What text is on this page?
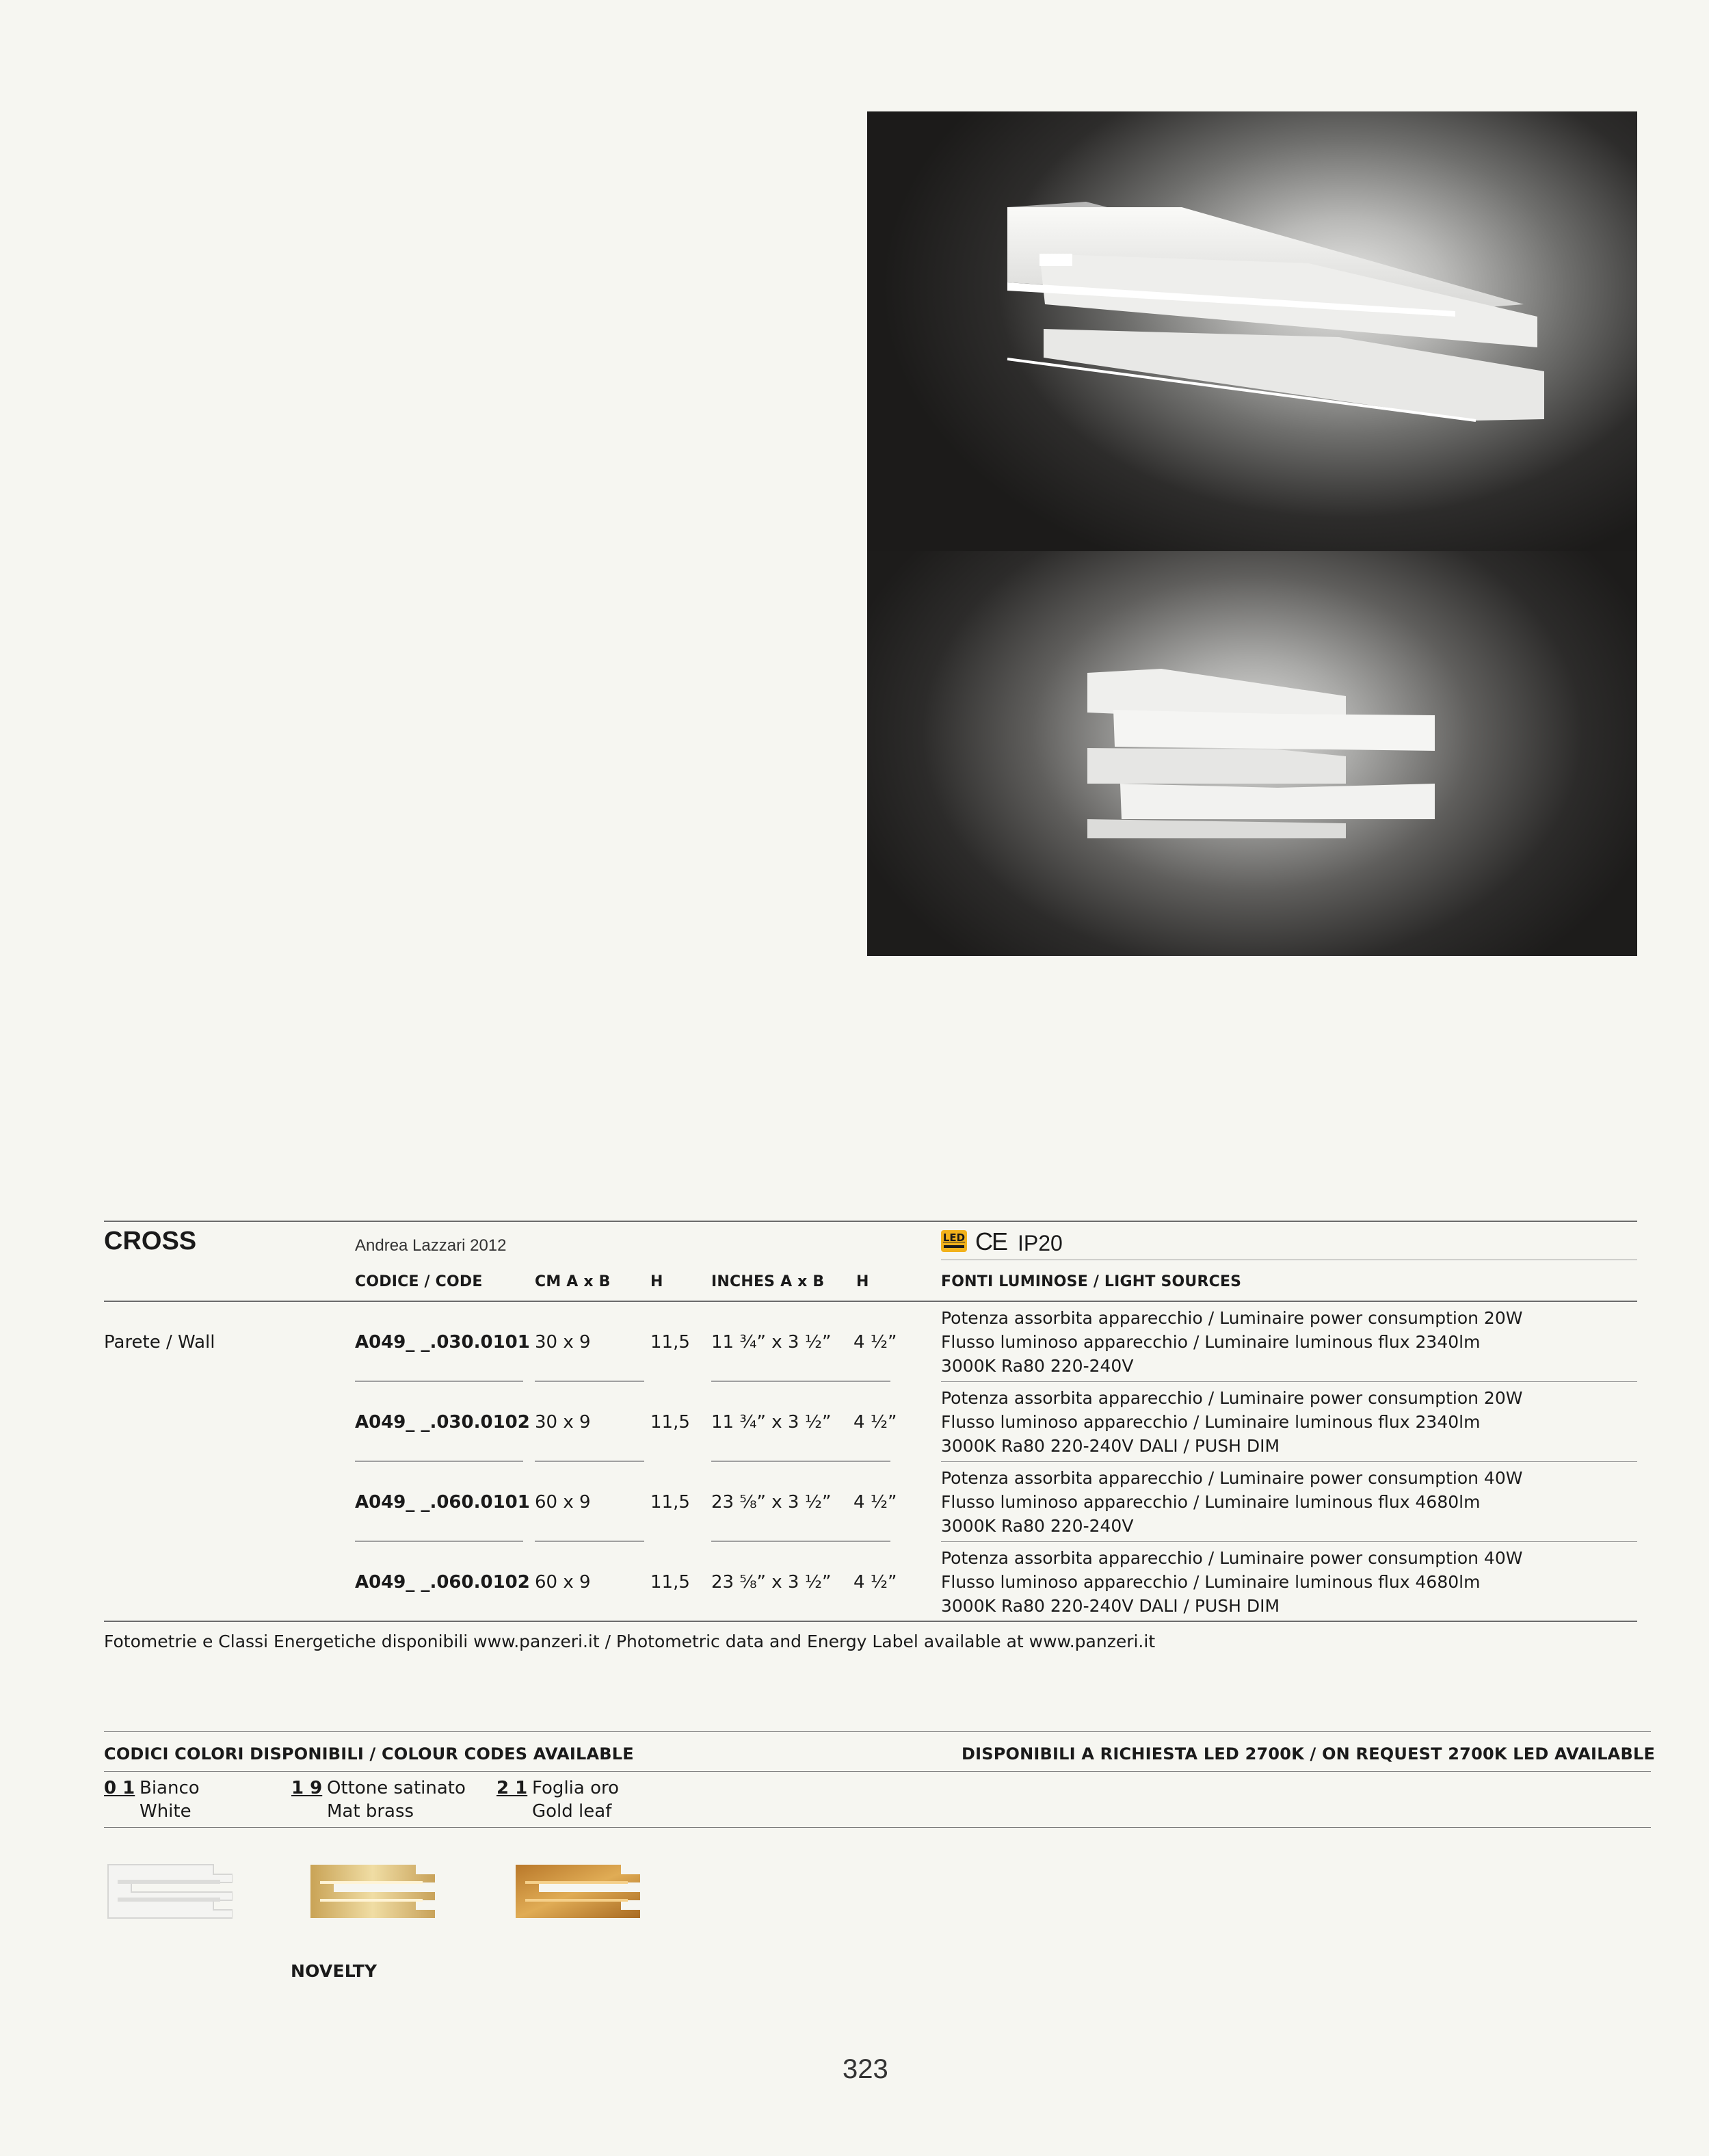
CROSS	Andrea Lazzari 2012	LED CE IP20
CODICE / CODE	CM A x B	H	INCHES A x B H	FONTI LUMINOSE / LIGHT SOURCES
Parete / Wall	A049_ _.030.0101 30 x 9	11,5 11 ¾” x 3 ½” 4 ½”
Potenza assorbita apparecchio / Luminaire power consumption 20W
Flusso luminoso apparecchio / Luminaire luminous flux 2340lm
3000K Ra80 220-240V
A049_ _.030.0102 30 x 9	11,5 11 ¾” x 3 ½” 4 ½”
Potenza assorbita apparecchio / Luminaire power consumption 20W
Flusso luminoso apparecchio / Luminaire luminous flux 2340lm
3000K Ra80 220-240V DALI / PUSH DIM
A049_ _.060.0101 60 x 9	11,5 23 ⅝” x 3 ½” 4 ½”
Potenza assorbita apparecchio / Luminaire power consumption 40W
Flusso luminoso apparecchio / Luminaire luminous flux 4680lm
3000K Ra80 220-240V
A049_ _.060.0102 60 x 9	11,5 23 ⅝” x 3 ½” 4 ½”
Potenza assorbita apparecchio / Luminaire power consumption 40W
Flusso luminoso apparecchio / Luminaire luminous flux 4680lm
3000K Ra80 220-240V DALI / PUSH DIM
Fotometrie e Classi Energetiche disponibili www.panzeri.it / Photometric data and Energy Label available at www.panzeri.it
CODICI COLORI DISPONIBILI / COLOUR CODES AVAILABLE	DISPONIBILI A RICHIESTA LED 2700K / ON REQUEST 2700K LED AVAILABLE
0 1 Bianco
White
1 9 Ottone satinato
Mat brass
2 1 Foglia oro
Gold leaf
NOVELTY
323
